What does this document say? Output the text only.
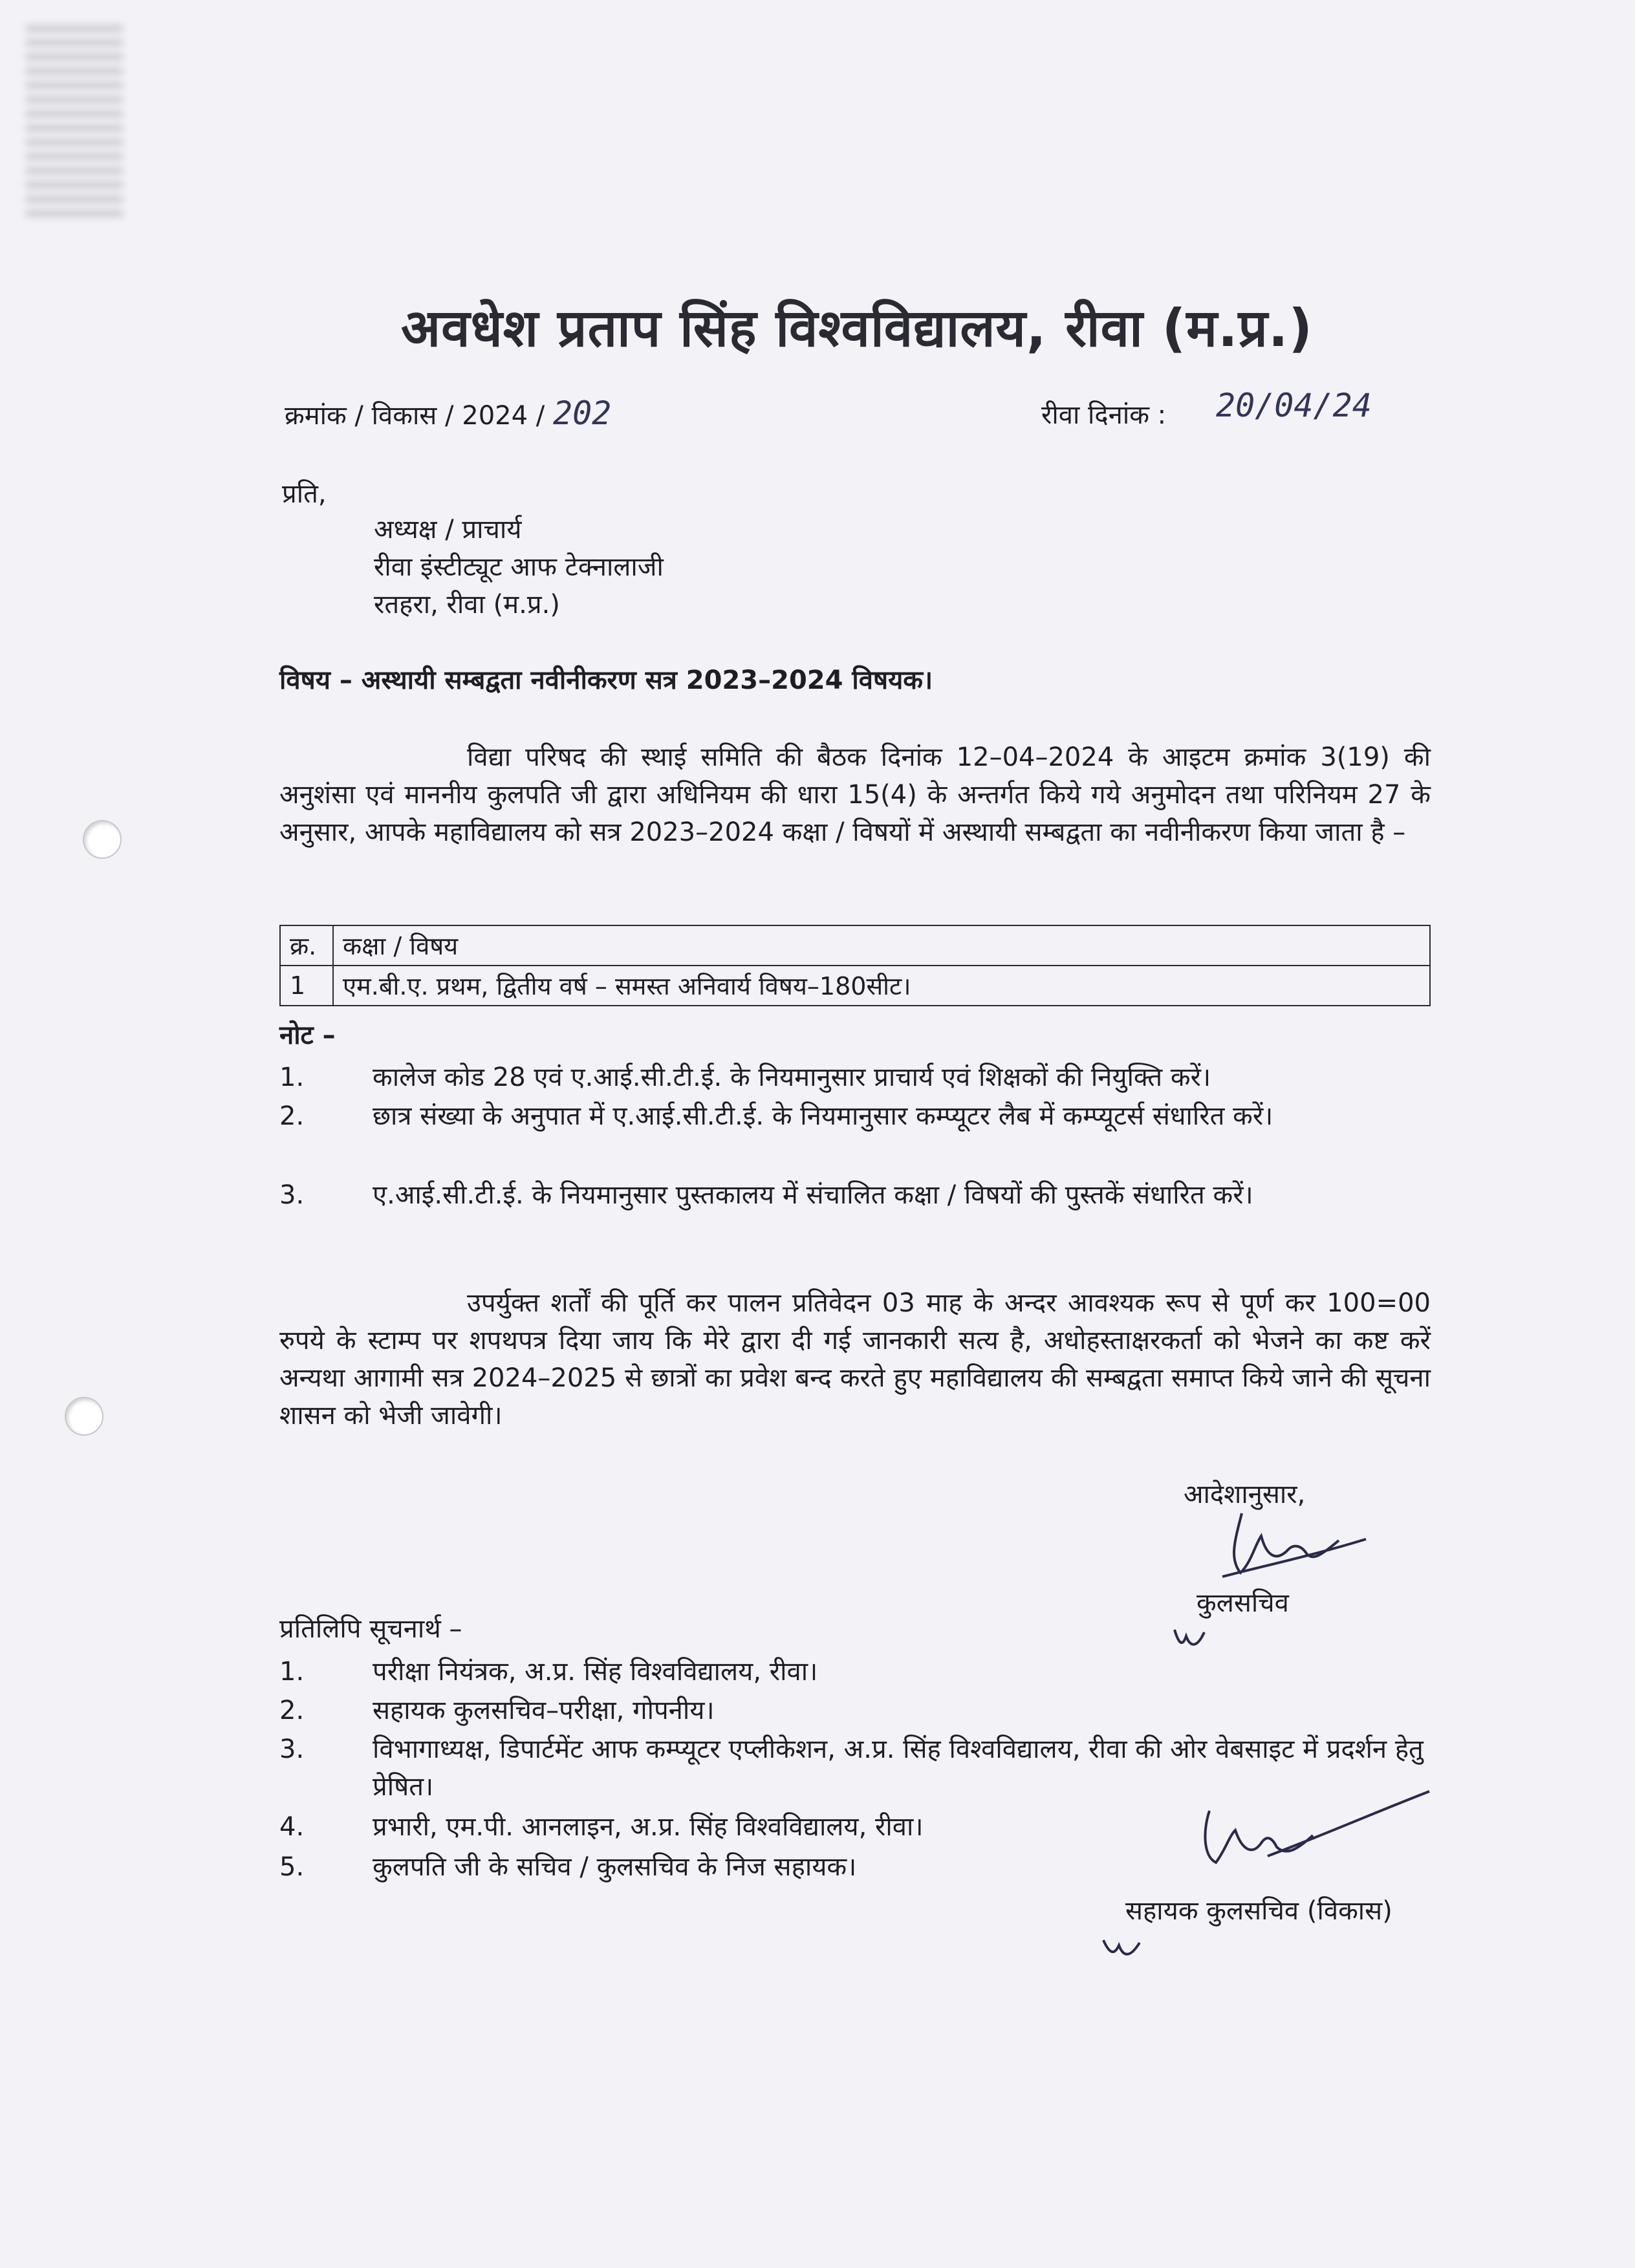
अवधेश प्रताप सिंह विश्वविद्यालय, रीवा (म.प्र.)
क्रमांक / विकास / 2024 / 202	रीवा दिनांक : 20/04/24
प्रति,
अध्यक्ष / प्राचार्य
रीवा इंस्टीट्यूट आफ टेक्नालाजी
रतहरा, रीवा (म.प्र.)
विषय – अस्थायी सम्बद्वता नवीनीकरण सत्र 2023–2024 विषयक।
विद्या परिषद की स्थाई समिति की बैठक दिनांक 12–04–2024 के आइटम क्रमांक 3(19) की अनुशंसा एवं माननीय कुलपति जी द्वारा अधिनियम की धारा 15(4) के अन्तर्गत किये गये अनुमोदन तथा परिनियम 27 के अनुसार, आपके महाविद्यालय को सत्र 2023–2024 कक्षा / विषयों में अस्थायी सम्बद्वता का नवीनीकरण किया जाता है –
क्र.	कक्षा / विषय
1	एम.बी.ए. प्रथम, द्वितीय वर्ष – समस्त अनिवार्य विषय–180सीट।
नोट –
1.	कालेज कोड 28 एवं ए.आई.सी.टी.ई. के नियमानुसार प्राचार्य एवं शिक्षकों की नियुक्ति करें।
2.	छात्र संख्या के अनुपात में ए.आई.सी.टी.ई. के नियमानुसार कम्प्यूटर लैब में कम्प्यूटर्स संधारित करें।
3.	ए.आई.सी.टी.ई. के नियमानुसार पुस्तकालय में संचालित कक्षा / विषयों की पुस्तकें संधारित करें।
उपर्युक्त शर्तों की पूर्ति कर पालन प्रतिवेदन 03 माह के अन्दर आवश्यक रूप से पूर्ण कर 100=00 रुपये के स्टाम्प पर शपथपत्र दिया जाय कि मेरे द्वारा दी गई जानकारी सत्य है, अधोहस्ताक्षरकर्ता को भेजने का कष्ट करें अन्यथा आगामी सत्र 2024–2025 से छात्रों का प्रवेश बन्द करते हुए महाविद्यालय की सम्बद्वता समाप्त किये जाने की सूचना शासन को भेजी जावेगी।
आदेशानुसार,
कुलसचिव
प्रतिलिपि सूचनार्थ –
1.	परीक्षा नियंत्रक, अ.प्र. सिंह विश्वविद्यालय, रीवा।
2.	सहायक कुलसचिव–परीक्षा, गोपनीय।
3.	विभागाध्यक्ष, डिपार्टमेंट आफ कम्प्यूटर एप्लीकेशन, अ.प्र. सिंह विश्वविद्यालय, रीवा की ओर वेबसाइट में प्रदर्शन हेतु प्रेषित।
4.	प्रभारी, एम.पी. आनलाइन, अ.प्र. सिंह विश्वविद्यालय, रीवा।
5.	कुलपति जी के सचिव / कुलसचिव के निज सहायक।
सहायक कुलसचिव (विकास)
